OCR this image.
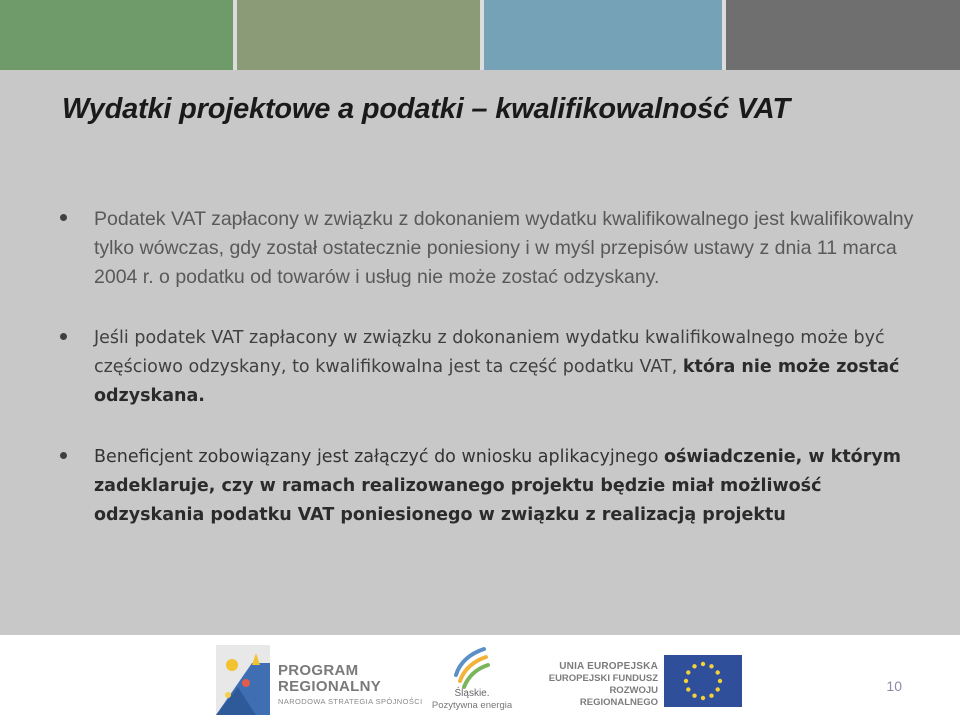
Wydatki projektowe a podatki – kwalifikowalność VAT
Podatek VAT zapłacony w związku z dokonaniem wydatku kwalifikowalnego jest kwalifikowalny tylko wówczas, gdy został ostatecznie poniesiony i w myśl przepisów ustawy z dnia 11 marca 2004 r. o podatku od towarów i usług nie może zostać odzyskany.
Jeśli podatek VAT zapłacony w związku z dokonaniem wydatku kwalifikowalnego może być częściowo odzyskany, to kwalifikowalna jest ta część podatku VAT, która nie może zostać odzyskana.
Beneficjent zobowiązany jest załączyć do wniosku aplikacyjnego oświadczenie, w którym zadeklaruje, czy w ramach realizowanego projektu będzie miał możliwość odzyskania podatku VAT poniesionego w związku z realizacją projektu
PROGRAM
REGIONALNY
NARODOWA STRATEGIA SPÓJNOŚCI
Śląskie.
Pozytywna energia
UNIA EUROPEJSKA
EUROPEJSKI FUNDUSZ
ROZWOJU REGIONALNEGO
10
